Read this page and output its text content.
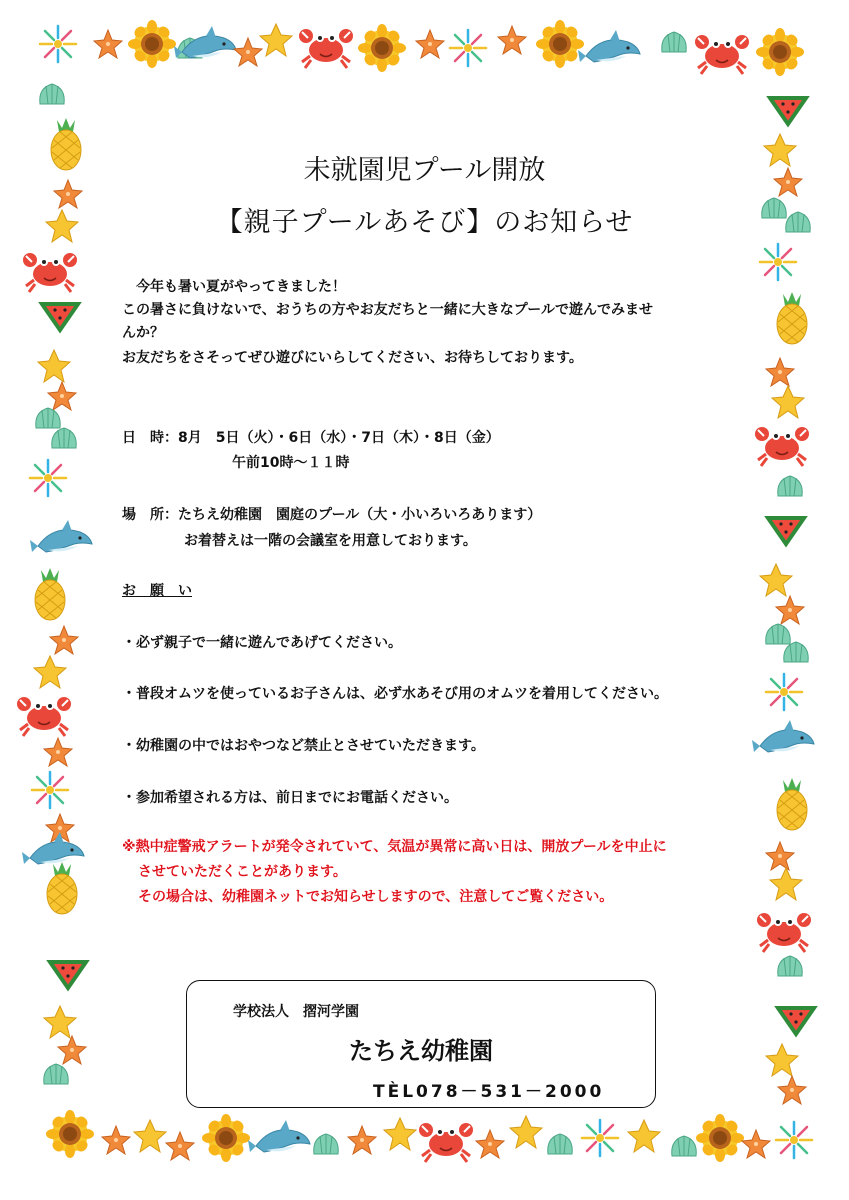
未就園児プール開放
【親子プールあそび】のお知らせ
　今年も暑い夏がやってきました！
この暑さに負けないで、おうちの方やお友だちと一緒に大きなプールで遊んでみませ
んか？
お友だちをさそってぜひ遊びにいらしてください、お待ちしております。
日　時：8月　5日（火）・6日（水）・7日（木）・8日（金）
午前10時～１１時
場　所：たちえ幼稚園　園庭のプール（大・小いろいろあります）
お着替えは一階の会議室を用意しております。
お　願　い
・必ず親子で一緒に遊んであげてください。
・普段オムツを使っているお子さんは、必ず水あそび用のオムツを着用してください。
・幼稚園の中ではおやつなど禁止とさせていただきます。
・参加希望される方は、前日までにお電話ください。
※熱中症警戒アラートが発令されていて、気温が異常に高い日は、開放プールを中止に
させていただくことがあります。
その場合は、幼稚園ネットでお知らせしますので、注意してご覧ください。
学校法人　摺河学園
たちえ幼稚園
TÈL078－531－2000
